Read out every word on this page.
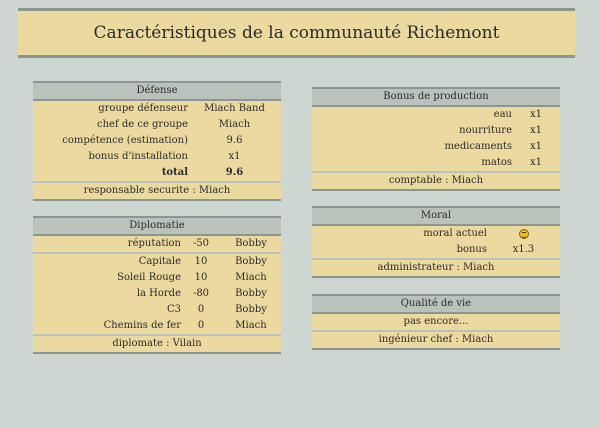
Caractéristiques de la communauté Richemont
Défense
groupe défenseur	Miach Band
chef de ce groupe	Miach
compétence (estimation)	9.6
bonus d'installation	x1
total	9.6
responsable securite : Miach
Diplomatie
réputation	-50	Bobby
Capitale	10	Bobby
Soleil Rouge	10	Miach
la Horde	-80	Bobby
C3	0	Bobby
Chemins de fer	0	Miach
diplomate : Vilain
Bonus de production
eau	x1
nourriture	x1
medicaments	x1
matos	x1
comptable : Miach
Moral
moral actuel
bonus	x1.3
administrateur : Miach
Qualité de vie
pas encore...
ingénieur chef : Miach
